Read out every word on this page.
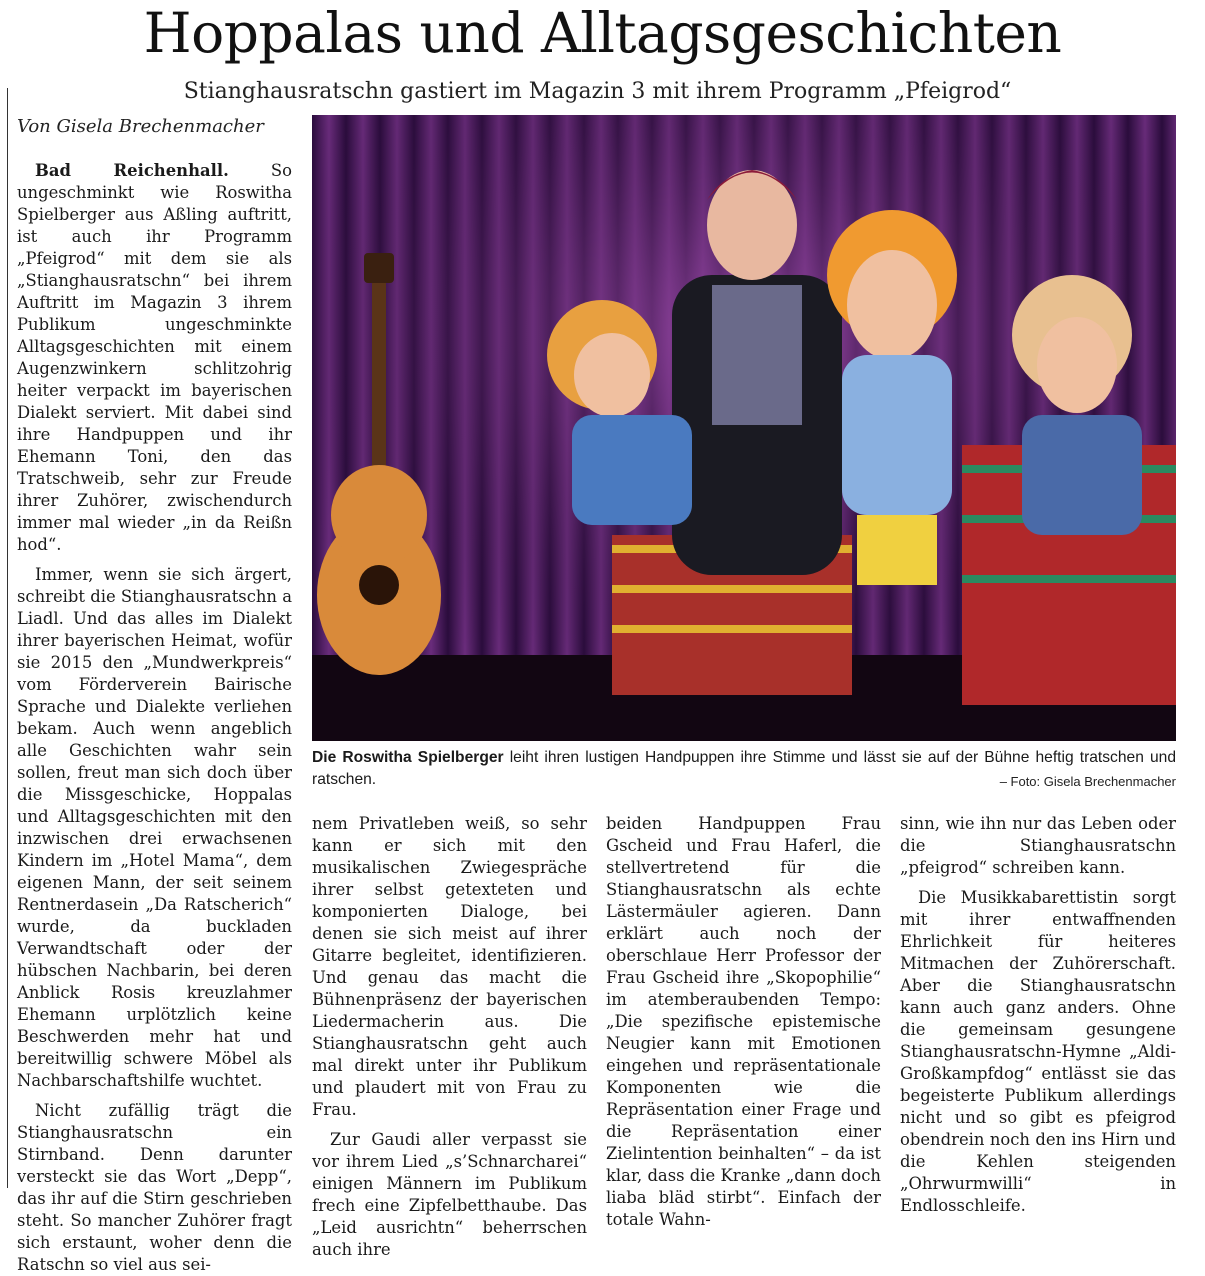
Hoppalas und Alltagsgeschichten
Stianghausratschn gastiert im Magazin 3 mit ihrem Programm „Pfeigrod“
Von Gisela Brechenmacher

Bad Reichenhall. So ungeschminkt wie Roswitha Spielberger aus Aßling auftritt, ist auch ihr Programm „Pfeigrod“ mit dem sie als „Stianghausratschn“ bei ihrem Auftritt im Magazin 3 ihrem Publikum ungeschminkte Alltagsgeschichten mit einem Augenzwinkern schlitzohrig heiter verpackt im bayerischen Dialekt serviert. Mit dabei sind ihre Handpuppen und ihr Ehemann Toni, den das Tratschweib, sehr zur Freude ihrer Zuhörer, zwischendurch immer mal wieder „in da Reißn hod“.

Immer, wenn sie sich ärgert, schreibt die Stianghausratschn a Liadl. Und das alles im Dialekt ihrer bayerischen Heimat, wofür sie 2015 den „Mundwerkpreis“ vom Förderverein Bairische Sprache und Dialekte verliehen bekam. Auch wenn angeblich alle Geschichten wahr sein sollen, freut man sich doch über die Missgeschicke, Hoppalas und Alltagsgeschichten mit den inzwischen drei erwachsenen Kindern im „Hotel Mama“, dem eigenen Mann, der seit seinem Rentnerdasein „Da Ratscherich“ wurde, da buckladen Verwandtschaft oder der hübschen Nachbarin, bei deren Anblick Rosis kreuzlahmer Ehemann urplötzlich keine Beschwerden mehr hat und bereitwillig schwere Möbel als Nachbarschaftshilfe wuchtet.

Nicht zufällig trägt die Stianghausratschn ein Stirnband. Denn darunter versteckt sie das Wort „Depp“, das ihr auf die Stirn geschrieben steht. So mancher Zuhörer fragt sich erstaunt, woher denn die Ratschn so viel aus sei-

Die Roswitha Spielberger leiht ihren lustigen Handpuppen ihre Stimme und lässt sie auf der Bühne heftig tratschen und ratschen.	– Foto: Gisela Brechenmacher

nem Privatleben weiß, so sehr kann er sich mit den musikalischen Zwiegespräche ihrer selbst getexteten und komponierten Dialoge, bei denen sie sich meist auf ihrer Gitarre begleitet, identifizieren. Und genau das macht die Bühnenpräsenz der bayerischen Liedermacherin aus. Die Stianghausratschn geht auch mal direkt unter ihr Publikum und plaudert mit von Frau zu Frau.

Zur Gaudi aller verpasst sie vor ihrem Lied „s’Schnarcharei“ einigen Männern im Publikum frech eine Zipfelbetthaube. Das „Leid ausrichtn“ beherrschen auch ihre

beiden Handpuppen Frau Gscheid und Frau Haferl, die stellvertretend für die Stianghausratschn als echte Lästermäuler agieren. Dann erklärt auch noch der oberschlaue Herr Professor der Frau Gscheid ihre „Skopophilie“ im atemberaubenden Tempo: „Die spezifische epistemische Neugier kann mit Emotionen eingehen und repräsentationale Komponenten wie die Repräsentation einer Frage und die Repräsentation einer Zielintention beinhalten“ – da ist klar, dass die Kranke „dann doch liaba bläd stirbt“. Einfach der totale Wahn-

sinn, wie ihn nur das Leben oder die Stianghausratschn „pfeigrod“ schreiben kann.

Die Musikkabarettistin sorgt mit ihrer entwaffnenden Ehrlichkeit für heiteres Mitmachen der Zuhörerschaft. Aber die Stianghausratschn kann auch ganz anders. Ohne die gemeinsam gesungene Stianghausratschn-Hymne „Aldi- Großkampfdog“ entlässt sie das begeisterte Publikum allerdings nicht und so gibt es pfeigrod obendrein noch den ins Hirn und die Kehlen steigenden „Ohrwurmwilli“ in Endlosschleife.
